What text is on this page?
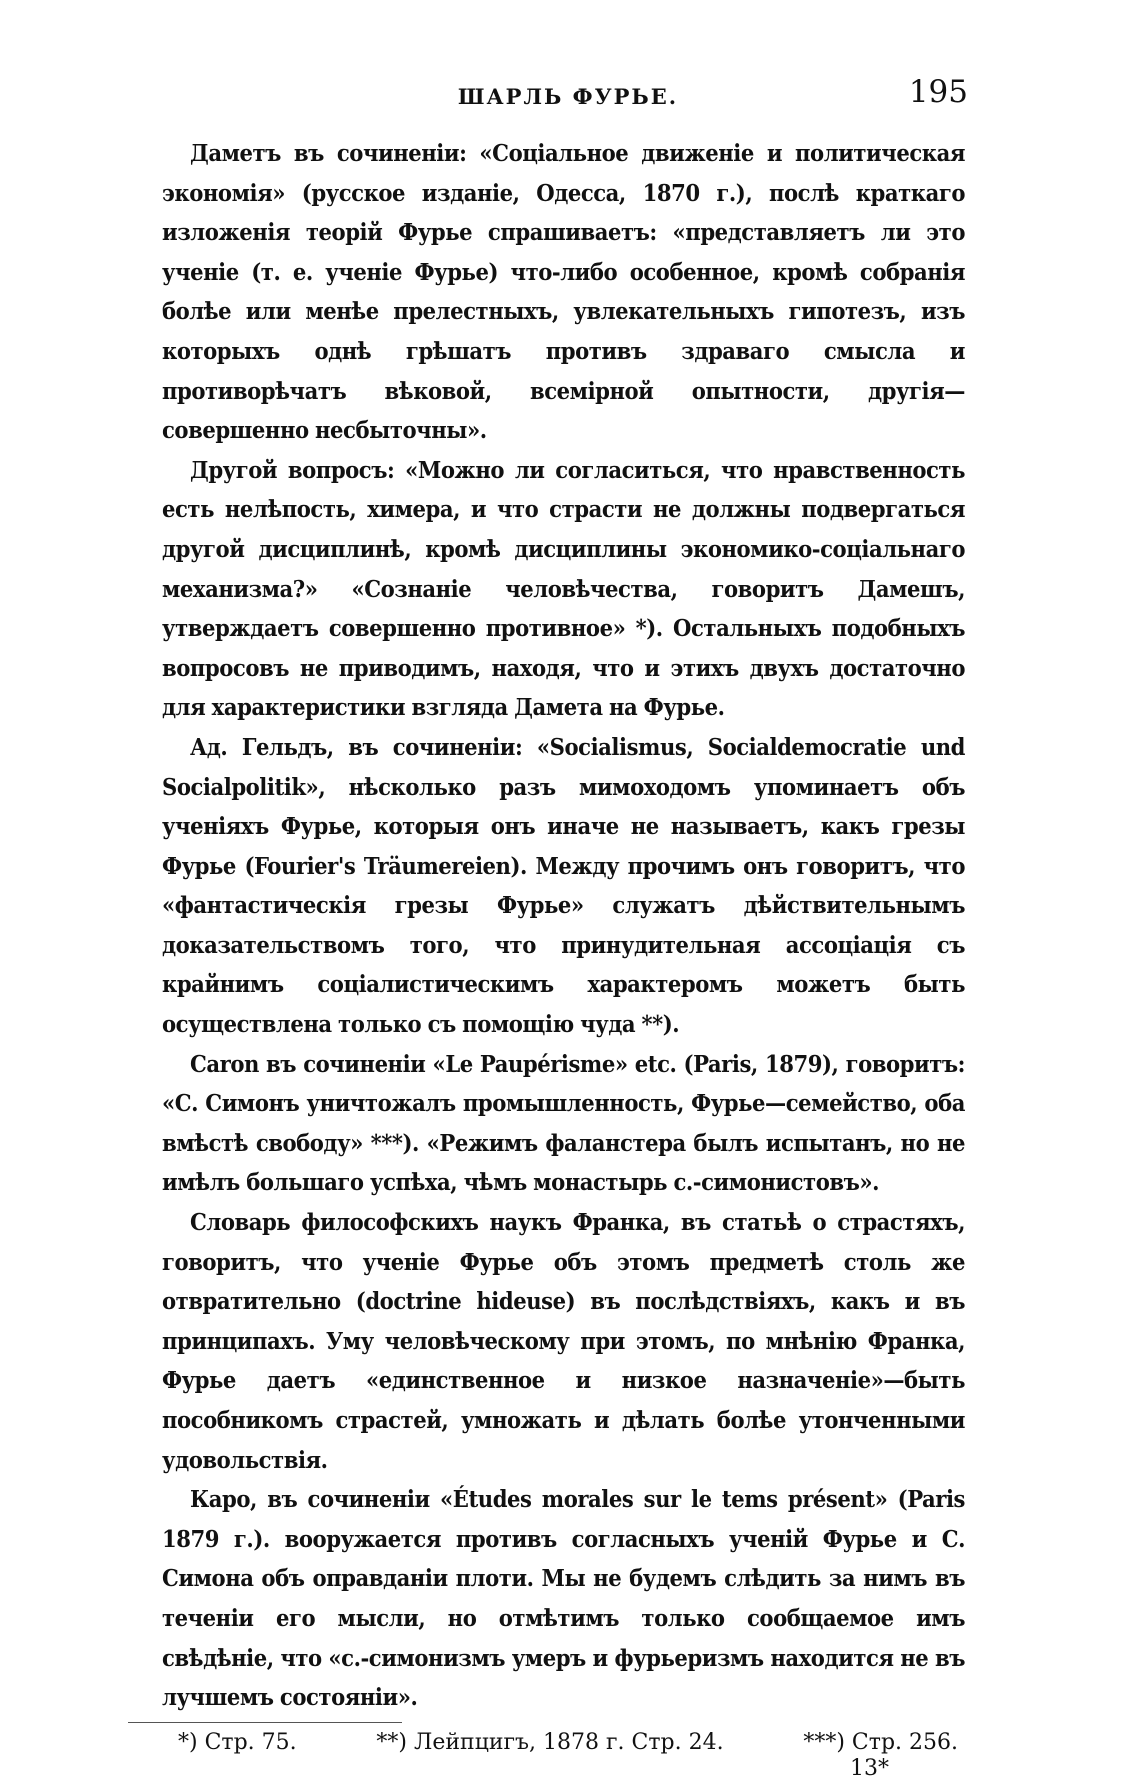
ШАРЛЬ ФУРЬЕ.	195

Даметъ въ сочиненіи: «Соціальное движеніе и политическая экономія» (русское изданіе, Одесса, 1870 г.), послѣ краткаго изложенія теорій Фурье спрашиваетъ: «представляетъ ли это ученіе (т. е. ученіе Фурье) что-либо особенное, кромѣ собранія болѣе или менѣе прелестныхъ, увлекательныхъ гипотезъ, изъ которыхъ однѣ грѣшатъ противъ здраваго смысла и противорѣчатъ вѣковой, всемірной опытности, другія—совершенно несбыточны».

Другой вопросъ: «Можно ли согласиться, что нравственность есть нелѣпость, химера, и что страсти не должны подвергаться другой дисциплинѣ, кромѣ дисциплины экономико-соціальнаго механизма?» «Сознаніе человѣчества, говоритъ Дамешъ, утверждаетъ совершенно противное» *). Остальныхъ подобныхъ вопросовъ не приводимъ, находя, что и этихъ двухъ достаточно для характеристики взгляда Дамета на Фурье.

Ад. Гельдъ, въ сочиненіи: «Socialismus, Socialdemocratie und Socialpolitik», нѣсколько разъ мимоходомъ упоминаетъ объ ученіяхъ Фурье, которыя онъ иначе не называетъ, какъ грезы Фурье (Fourier's Träumereien). Между прочимъ онъ говоритъ, что «фантастическія грезы Фурье» служатъ дѣйствительнымъ доказательствомъ того, что принудительная ассоціація съ крайнимъ соціалистическимъ характеромъ можетъ быть осуществлена только съ помощію чуда **).

Caron въ сочиненіи «Le Paupérisme» etc. (Paris, 1879), говоритъ: «С. Симонъ уничтожалъ промышленность, Фурье—семейство, оба вмѣстѣ свободу» ***). «Режимъ фаланстера былъ испытанъ, но не имѣлъ большаго успѣха, чѣмъ монастырь с.-симонистовъ».

Словарь философскихъ наукъ Франка, въ статьѣ о страстяхъ, говоритъ, что ученіе Фурье объ этомъ предметѣ столь же отвратительно (doctrine hideuse) въ послѣдствіяхъ, какъ и въ принципахъ. Уму человѣческому при этомъ, по мнѣнію Франка, Фурье даетъ «единственное и низкое назначеніе»—быть пособникомъ страстей, умножать и дѣлать болѣе утонченными удовольствія.

Каро, въ сочиненіи «Études morales sur le tems présent» (Paris 1879 г.). вооружается противъ согласныхъ ученій Фурье и С. Симона объ оправданіи плоти. Мы не будемъ слѣдить за нимъ въ теченіи его мысли, но отмѣтимъ только сообщаемое имъ свѣдѣніе, что «с.-симонизмъ умеръ и фурьеризмъ находится не въ лучшемъ состояніи».

*) Стр. 75.	**) Лейпцигъ, 1878 г. Стр. 24.	***) Стр. 256.
13*
